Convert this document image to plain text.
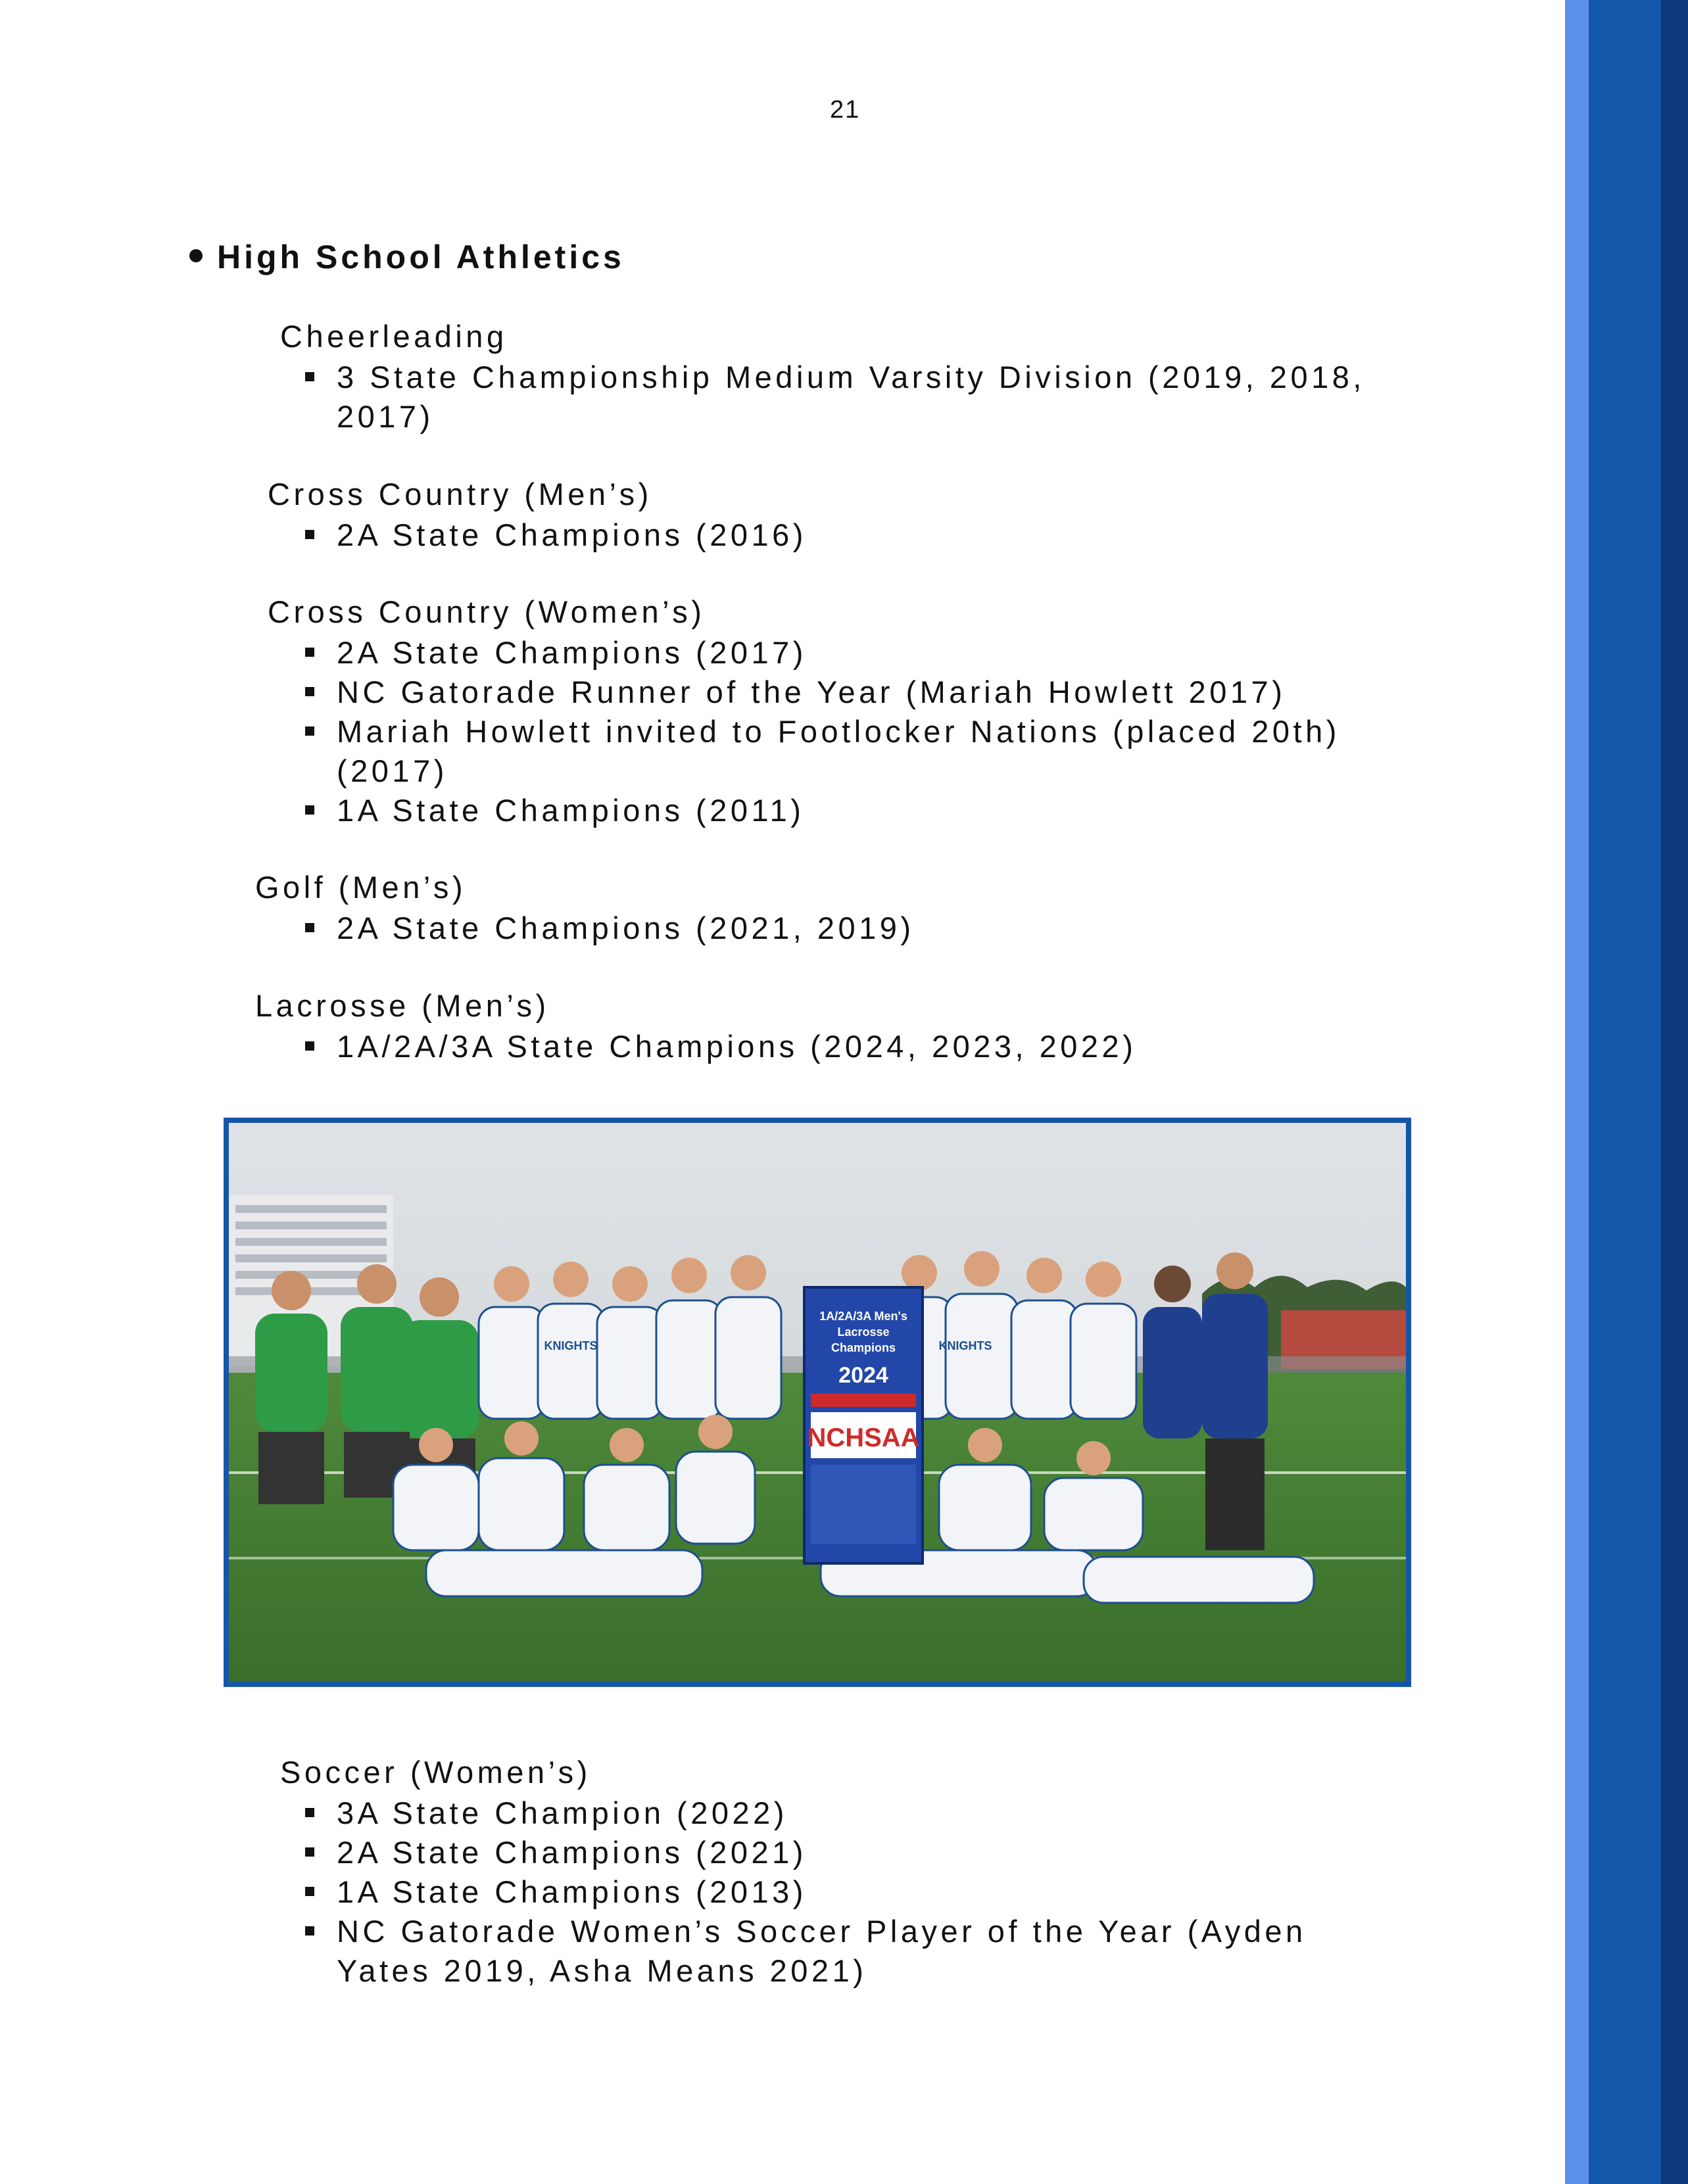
21
High School Athletics
Cheerleading
3 State Championship Medium Varsity Division (2019, 2018,
2017)
Cross Country (Men’s)
2A State Champions (2016)
Cross Country (Women’s)
2A State Champions (2017)
NC Gatorade Runner of the Year (Mariah Howlett 2017)
Mariah Howlett invited to Footlocker Nations (placed 20th)
(2017)
1A State Champions (2011)
Golf (Men’s)
2A State Champions (2021, 2019)
Lacrosse (Men’s)
1A/2A/3A State Champions (2024, 2023, 2022)
1A/2A/3A Men's
Lacrosse
Champions
2024
NCHSAA
KNIGHTS
KNIGHTS
Soccer (Women’s)
3A State Champion (2022)
2A State Champions (2021)
1A State Champions (2013)
NC Gatorade Women’s Soccer Player of the Year (Ayden
Yates 2019, Asha Means 2021)
